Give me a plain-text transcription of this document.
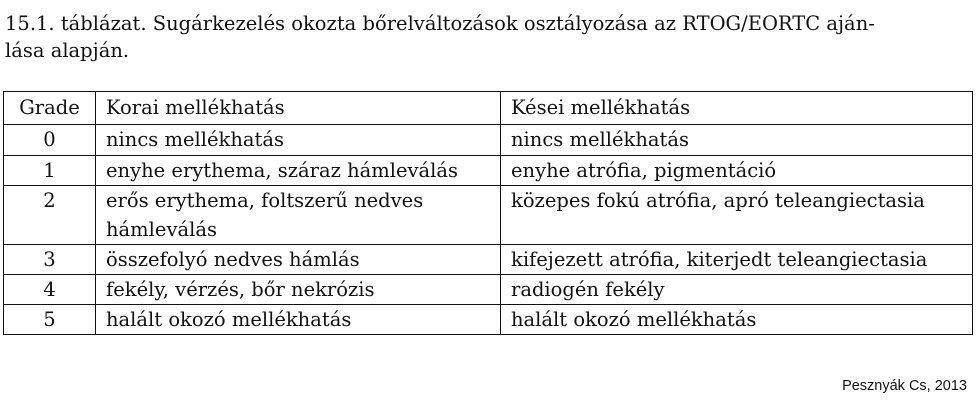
15.1. táblázat. Sugárkezelés okozta bőrelváltozások osztályozása az RTOG/EORTC aján-
lása alapján.
Grade	Korai mellékhatás	Kései mellékhatás
0	nincs mellékhatás	nincs mellékhatás
1	enyhe erythema, száraz hámleválás	enyhe atrófia, pigmentáció
2	erős erythema, foltszerű nedves
hámleválás	közepes fokú atrófia, apró teleangiectasia
3	összefolyó nedves hámlás	kifejezett atrófia, kiterjedt teleangiectasia
4	fekély, vérzés, bőr nekrózis	radiogén fekély
5	halált okozó mellékhatás	halált okozó mellékhatás
Pesznyák Cs, 2013
